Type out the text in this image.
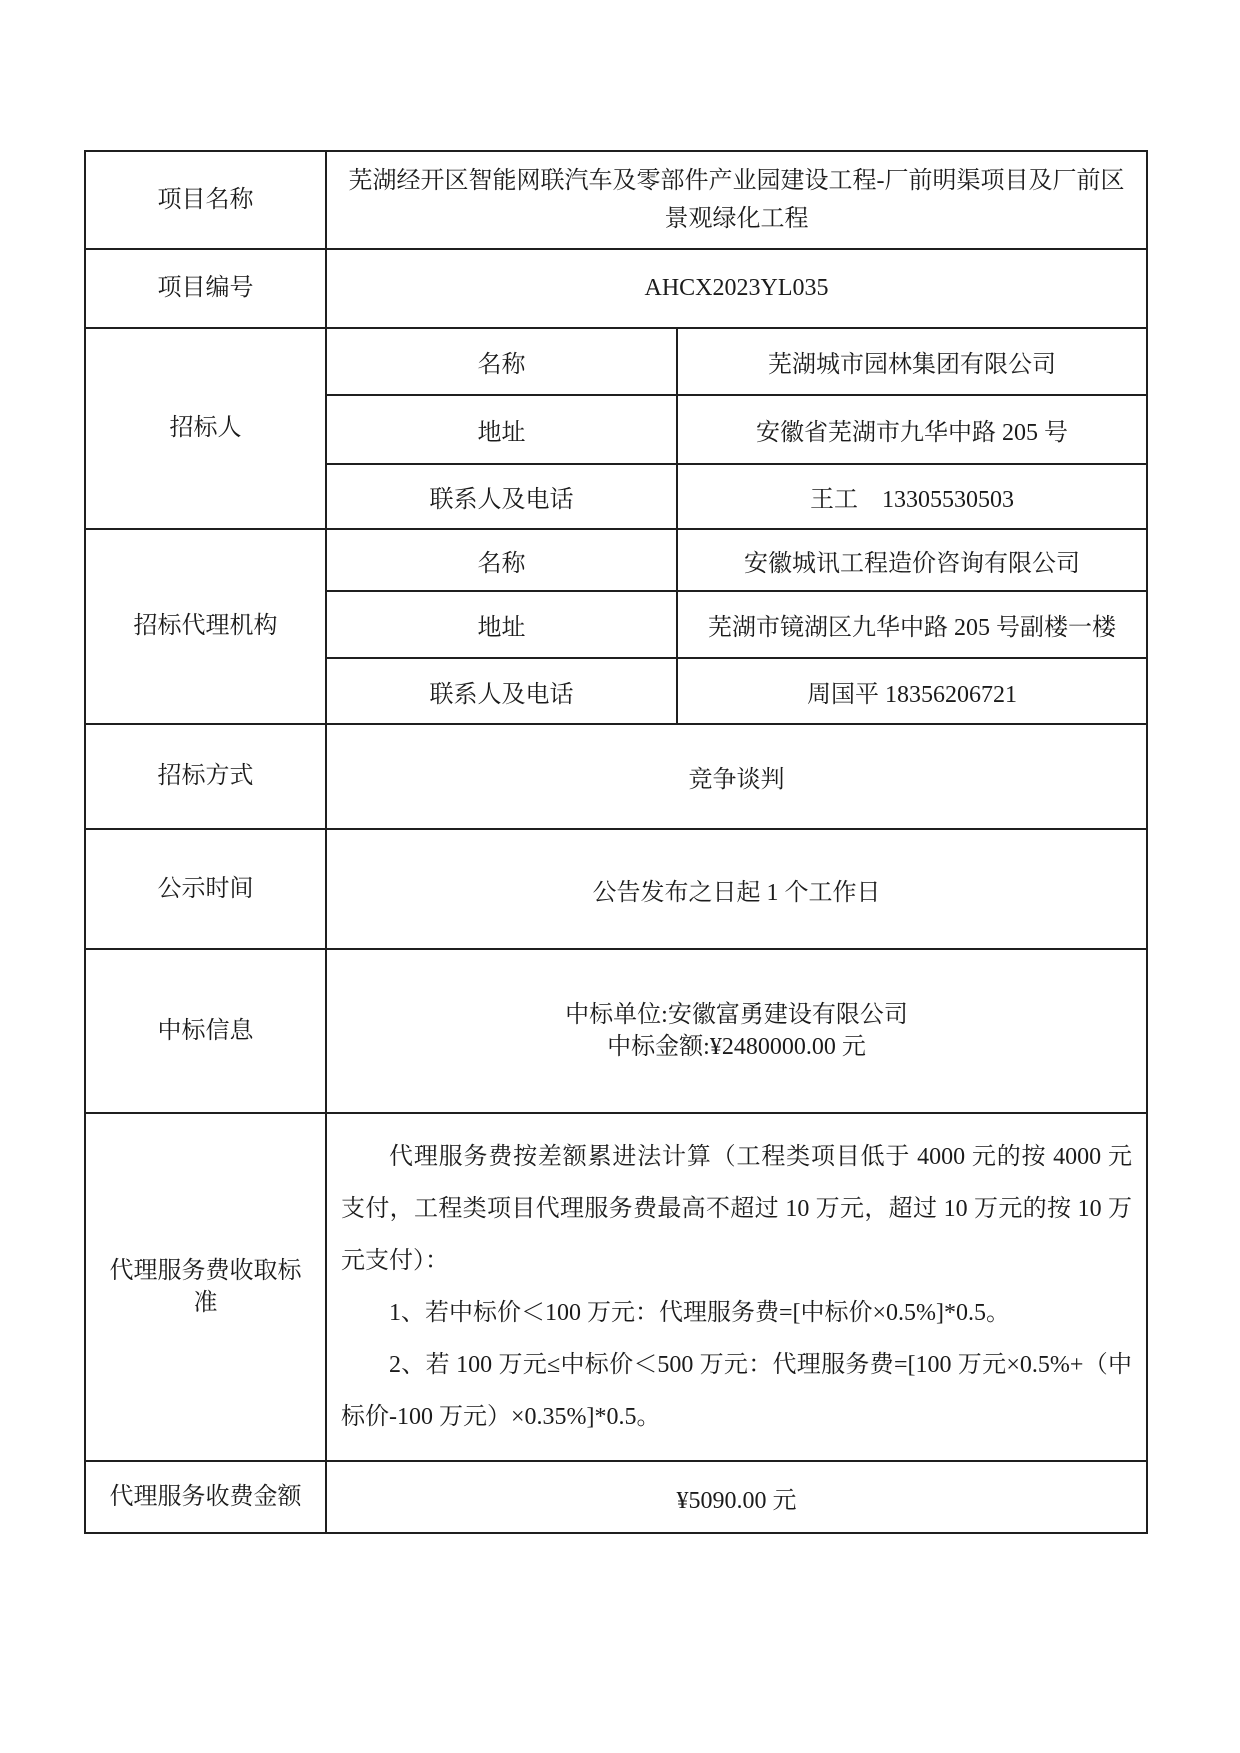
项目名称	芜湖经开区智能网联汽车及零部件产业园建设工程-厂前明渠项目及厂前区景观绿化工程	
项目编号	AHCX2023YL035	
招标人	名称	芜湖城市园林集团有限公司
	地址	安徽省芜湖市九华中路 205 号
	联系人及电话	王工　13305530503
招标代理机构	名称	安徽城讯工程造价咨询有限公司
	地址	芜湖市镜湖区九华中路 205 号副楼一楼
	联系人及电话	周国平 18356206721
招标方式	竞争谈判	
公示时间	公告发布之日起 1 个工作日	
中标信息	中标单位:安徽富勇建设有限公司
中标金额:¥2480000.00 元	

代理服务费收取标准	代理服务费按差额累进法计算（工程类项目低于 4000 元的按 4000 元支付，工程类项目代理服务费最高不超过 10 万元，超过 10 万元的按 10 万元支付）：

1、若中标价＜100 万元：代理服务费=[中标价×0.5%]*0.5。

2、若 100 万元≤中标价＜500 万元：代理服务费=[100 万元×0.5%+（中标价-100 万元）×0.35%]*0.5。	

代理服务收费金额	¥5090.00 元	
